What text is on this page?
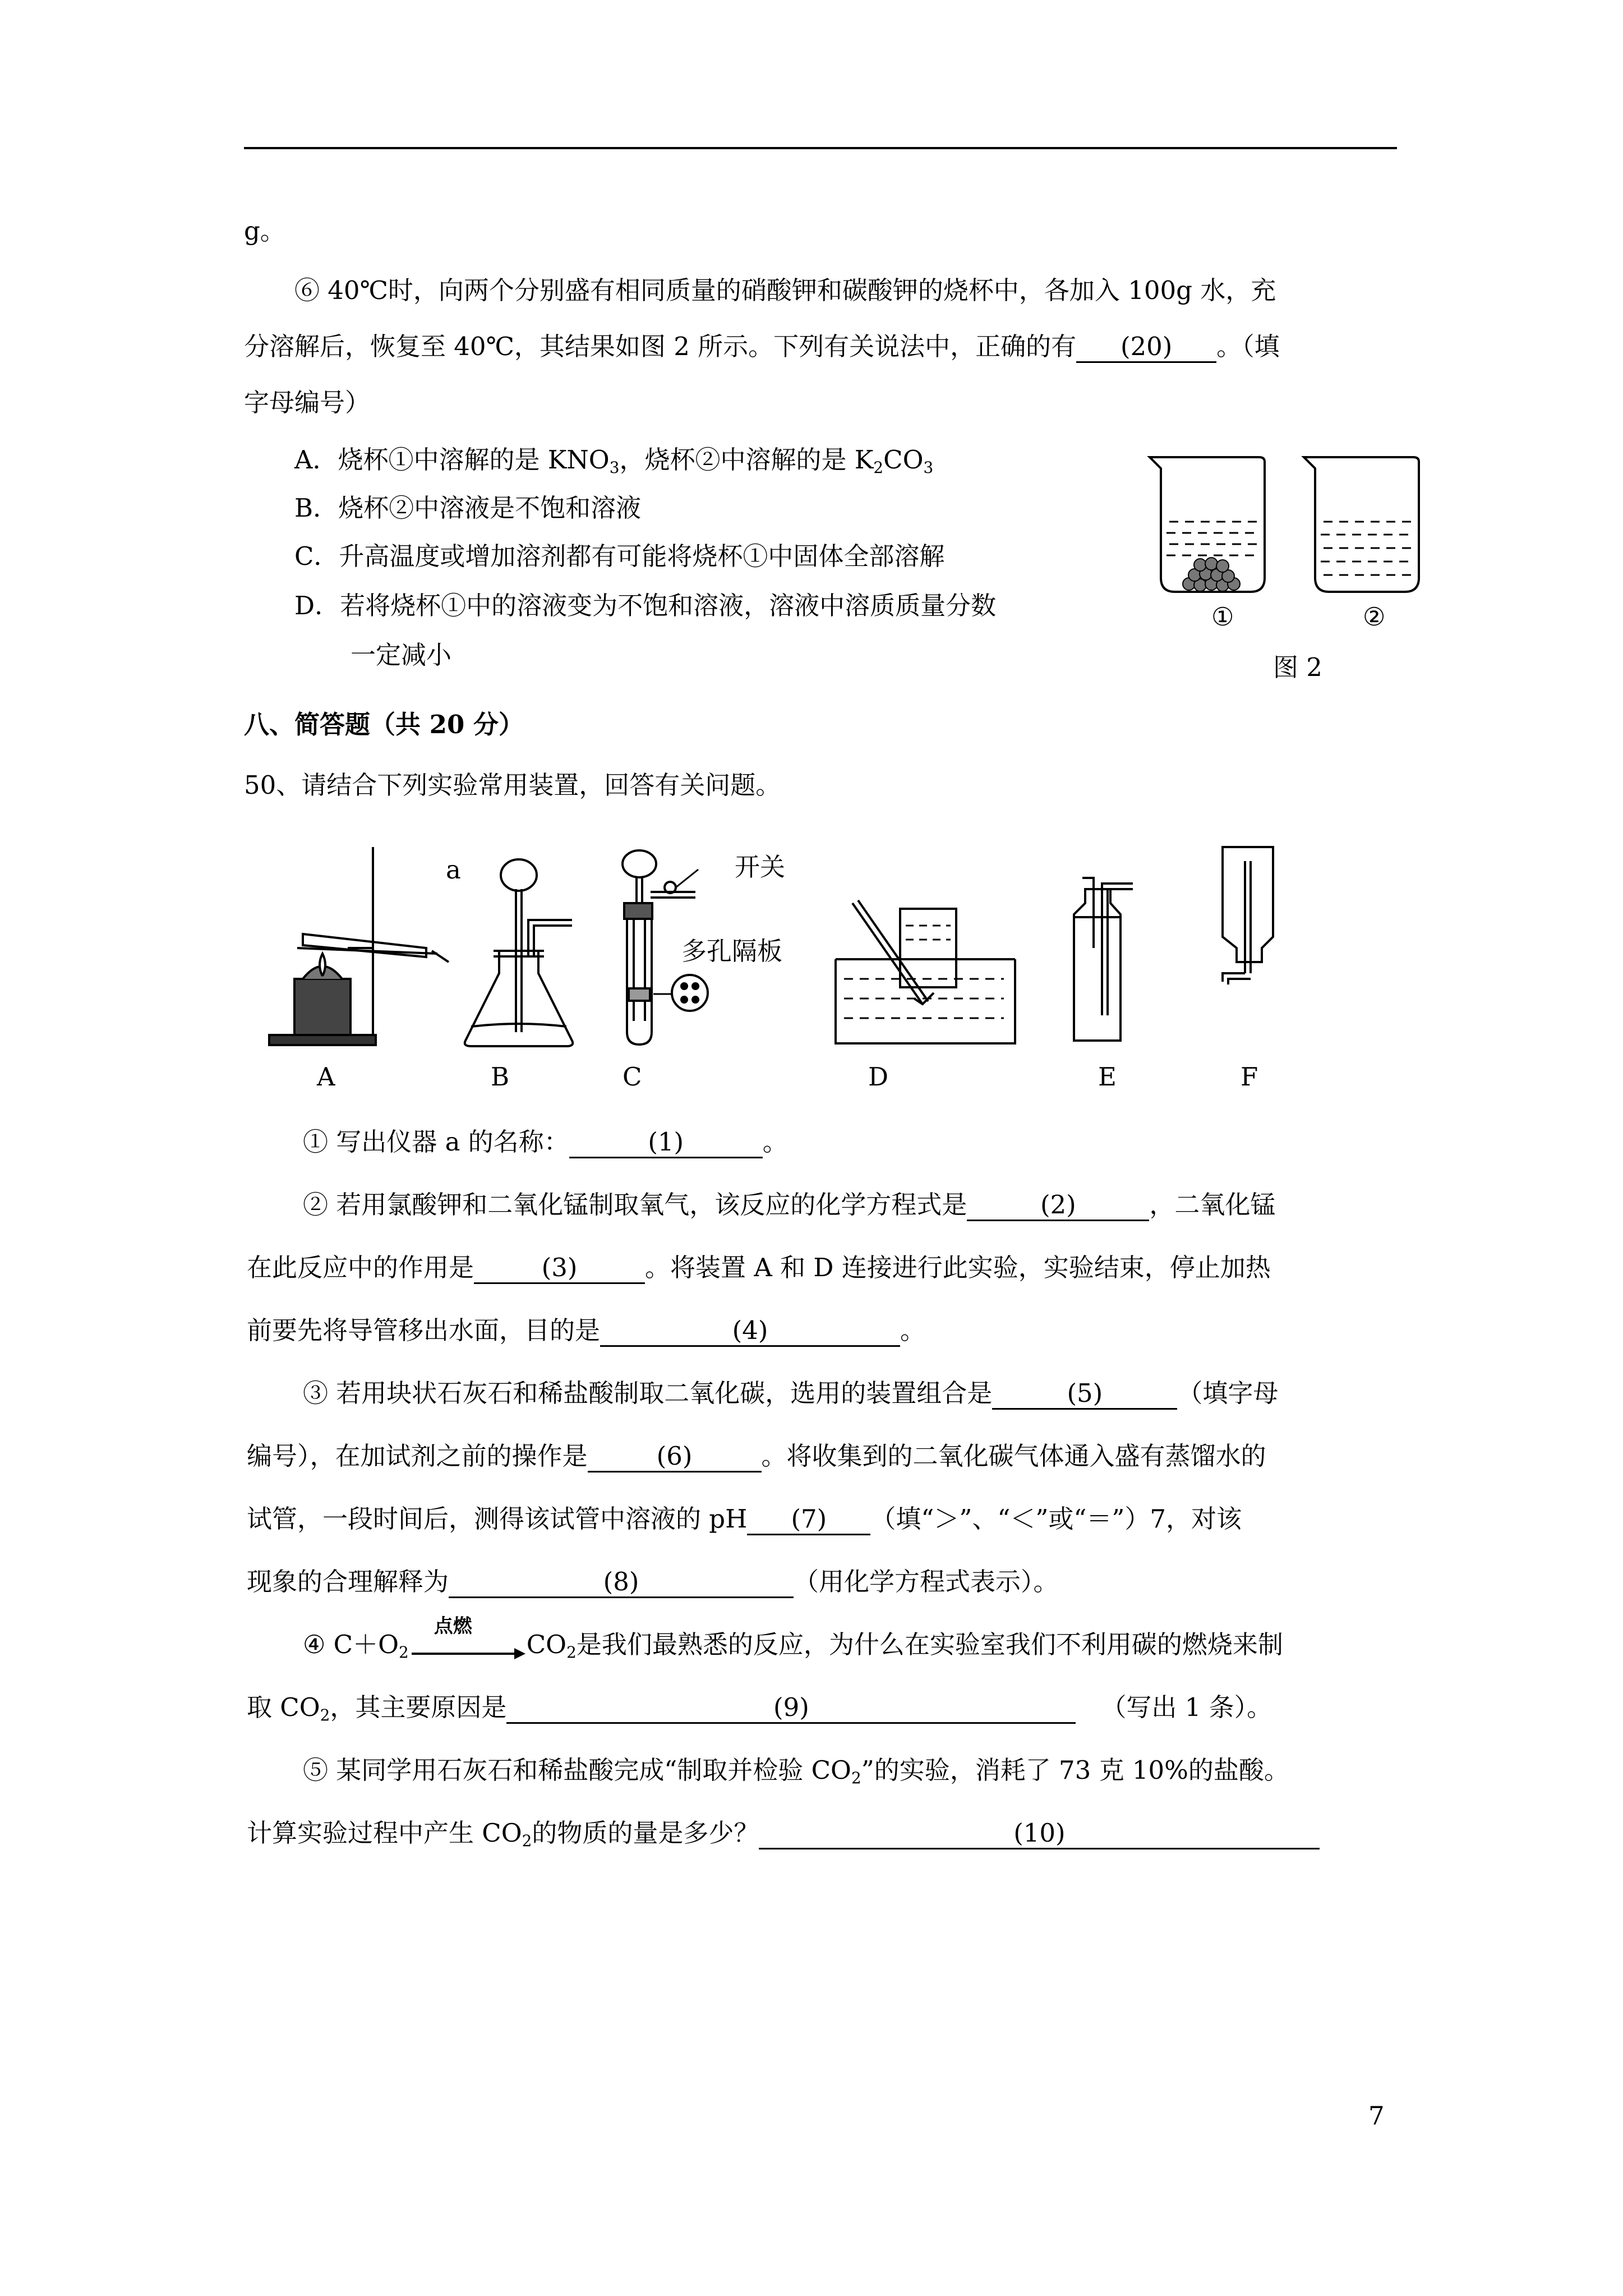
g。
⑥ 40℃时，向两个分别盛有相同质量的硝酸钾和碳酸钾的烧杯中，各加入 100g 水，充
分溶解后，恢复至 40℃，其结果如图 2 所示。下列有关说法中，正确的有 (20) 。（填
字母编号）
A．烧杯①中溶解的是 $KNO_3$，烧杯②中溶解的是 $K_2CO_3$
B．烧杯②中溶液是不饱和溶液
C．升高温度或增加溶剂都有可能将烧杯①中固体全部溶解
D．若将烧杯①中的溶液变为不饱和溶液，溶液中溶质质量分数
一定减小
①	②
图 2
八、简答题（共 20 分）
50、请结合下列实验常用装置，回答有关问题。
a	开关
多孔隔板
A	B	C	D	E	F
① 写出仪器 a 的名称：	(1)	。
② 若用氯酸钾和二氧化锰制取氧气，该反应的化学方程式是	(2)	，二氧化锰
在此反应中的作用是	(3)	。将装置 A 和 D 连接进行此实验，实验结束，停止加热
前要先将导管移出水面，目的是	(4)	。
③ 若用块状石灰石和稀盐酸制取二氧化碳，选用的装置组合是	(5)	（填字母
编号），在加试剂之前的操作是	(6)	。将收集到的二氧化碳气体通入盛有蒸馏水的
试管，一段时间后，测得该试管中溶液的 pH (7) （填“＞”、“＜”或“＝”）7，对该
现象的合理解释为	(8)	（用化学方程式表示）。
④ $C+O_2$
点燃
$CO_2$是我们最熟悉的反应，为什么在实验室我们不利用碳的燃烧来制
取 $CO_2$，其主要原因是	(9)	（写出 1 条）。
⑤ 某同学用石灰石和稀盐酸完成“制取并检验 $CO_2$”的实验，消耗了 73 克 10%的盐酸。
计算实验过程中产生 $CO_2$的物质的量是多少？	(10)
7
